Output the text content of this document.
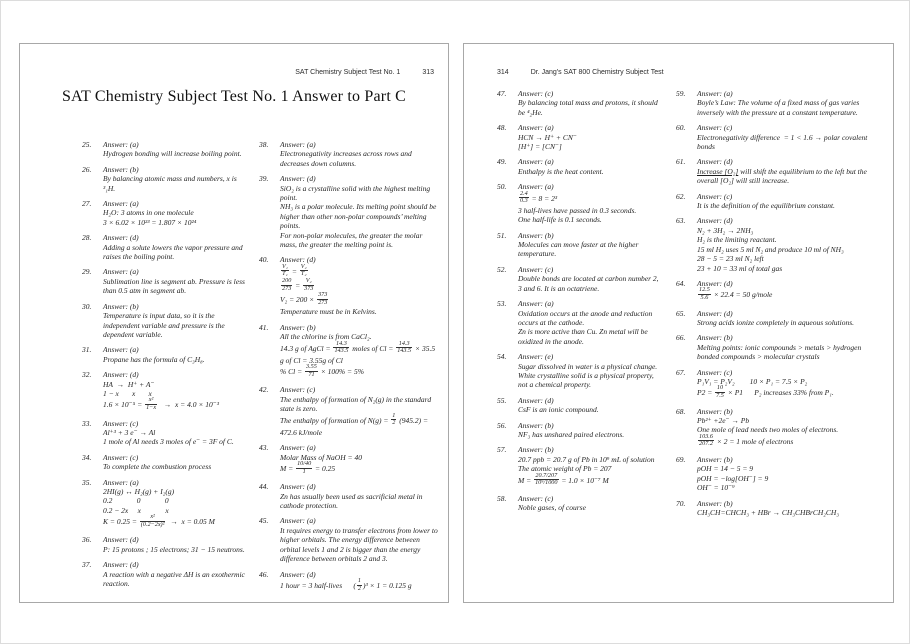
SAT Chemistry Subject Test No. 1	313
SAT Chemistry Subject Test No. 1 Answer to Part C
25.	Answer: (a)
Hydrogen bonding will increase boiling point.
26.	Answer: (b)
By balancing atomic mass and numbers, x is ³₁H.
27.	Answer: (a)
H₂O: 3 atoms in one molecule
3 × 6.02 × 10²³ = 1.807 × 10²⁴
28.	Answer: (d)
Adding a solute lowers the vapor pressure and raises the boiling point.
29.	Answer: (a)
Sublimation line is segment ab. Pressure is less than 0.5 atm in segment ab.
30.	Answer: (b)
Temperature is input data, so it is the independent variable and pressure is the dependent variable.
31.	Answer: (a)
Propane has the formula of C₃H₈.
32.	Answer: (d)
HA  →  H⁺ + A⁻
1 − x       x       x
$1.6 \times 10^{-5} = \frac{\text{x²}}{1-x} \to x = 4.0 \times 10^{-3}$
33.	Answer: (c)
Al⁺³ + 3 e⁻ → Al
1 mole of Al needs 3 moles of e⁻ = 3F of C.
34.	Answer: (c)
To complete the combustion process
35.	Answer: (a)
2HI(g) ↔ H₂(g) + I₂(g)
0.2             0             0
0.2 − 2x     x             x
$K = 0.25 = \frac{\text{x²}}{\text{(0.2−2x)²}} \to x = 0.05$ M
36.	Answer: (d)
P: 15 protons ; 15 electrons; 31 − 15 neutrons.
37.	Answer: (d)
A reaction with a negative ΔH is an exothermic reaction.
38.	Answer: (a)
Electronegativity increases across rows and decreases down columns.
39.	Answer: (d)
SiO₂ is a crystalline solid with the highest melting point.
NH₃ is a polar molecule. Its melting point should be higher than other non-polar compounds’ melting points.
For non-polar molecules, the greater the molar mass, the greater the melting point is.
40.	Answer: (d)
$\frac{\text{V₁}}{\text{T₁}} = \frac{\text{V₂}}{\text{T₂}}$
$\frac{200}{273} = \frac{\text{V₂}}{373}$
$V_2 = 200 \times \frac{373}{273}$
Temperature must be in Kelvins.
41.	Answer: (b)
All the chlorine is from CaCl₂.
14.3 g of AgCl = $\frac{14.3}{143.5}$ moles of $Cl = \frac{14.3}{143.5} \times 35.5$
g of Cl = 3.55g of Cl
% $Cl = \frac{3.55}{71} \times 100\% = 5\%$
42.	Answer: (c)
The enthalpy of formation of N₂(g) in the standard state is zero.
The enthalpy of formation of $N(g) = \frac{1}{2} (945.2) = 472.6$ kJ/mole
43.	Answer: (a)
Molar Mass of NaOH = 40
$M = \frac{10/40}{1} = 0.25$
44.	Answer: (d)
Zn has usually been used as sacrificial metal in cathode protection.
45.	Answer: (a)
It requires energy to transfer electrons from lower to higher orbitals. The energy difference between orbital levels 1 and 2 is bigger than the energy difference between orbitals 2 and 3.
46.	Answer: (d)
1 hour = 3 half-lives      ( $\frac{1}{2} )^3 \times 1 = 0.125$ g
314	Dr. Jang's SAT 800 Chemistry Subject Test
47.	Answer: (c)
By balancing total mass and protons, it should be ⁴₂He.
48.	Answer: (a)
HCN → H⁺ + CN⁻
[H⁺] = [CN⁻]
49.	Answer: (a)
Enthalpy is the heat content.
50.	Answer: (a)
$\frac{2.4}{0.3} = 8 = 2^3$
3 half-lives have passed in 0.3 seconds.
One half-life is 0.1 seconds.
51.	Answer: (b)
Molecules can move faster at the higher temperature.
52.	Answer: (c)
Double bonds are located at carbon number 2, 3 and 6. It is an octatriene.
53.	Answer: (a)
Oxidation occurs at the anode and reduction occurs at the cathode.
Zn is more active than Cu. Zn metal will be oxidized in the anode.
54.	Answer: (e)
Sugar dissolved in water is a physical change. White crystalline solid is a physical property, not a chemical property.
55.	Answer: (d)
CsF is an ionic compound.
56.	Answer: (b)
NF₃ has unshared paired electrons.
57.	Answer: (b)
20.7 ppb = 20.7 g of Pb in 10⁹ mL of solution
The atomic weight of Pb = 207
$M = \frac{20.7/207}{\text{10⁹/1000}} = 1.0 \times 10^{-7}$ M
58.	Answer: (c)
Noble gases, of course
59.	Answer: (a)
Boyle’s Law: The volume of a fixed mass of gas varies inversely with the pressure at a constant temperature.
60.	Answer: (c)
Electronegativity difference  = 1 < 1.6 → polar covalent bonds
61.	Answer: (d)
Increase [O₂] will shift the equilibrium to the left but the overall [O₂] will still increase.
62.	Answer: (c)
It is the definition of the equilibrium constant.
63.	Answer: (d)
N₂ + 3H₂ → 2NH₃
H₂ is the limiting reactant.
15 ml H₂ uses 5 ml N₂ and produce 10 ml of NH₃
28 − 5 = 23 ml N₂ left
23 + 10 = 33 ml of total gas
64.	Answer: (d)
$\frac{12.5}{5.6} \times 22.4 = 50$ g/mole
65.	Answer: (d)
Strong acids ionize completely in aqueous solutions.
66.	Answer: (b)
Melting points: ionic compounds > metals > hydrogen bonded compounds > molecular crystals
67.	Answer: (c)
P₁V₁ = P₂V₂        10 × P₁ = 7.5 × P₂
$P2 = \frac{10}{7.5} \times P1$      P₂ increases 33% from P₁.
68.	Answer: (b)
Pb²⁺ +2e⁻ → Pb
One mole of lead needs two moles of electrons.
$\frac{103.6}{207.2} \times 2 = 1$ mole of electrons
69.	Answer: (b)
pOH = 14 − 5 = 9
pOH = −log[OH⁻] = 9
OH⁻ = 10⁻⁹
70.	Answer: (b)
CH₃CH=CHCH₃ + HBr → CH₃CHBrCH₂CH₃
